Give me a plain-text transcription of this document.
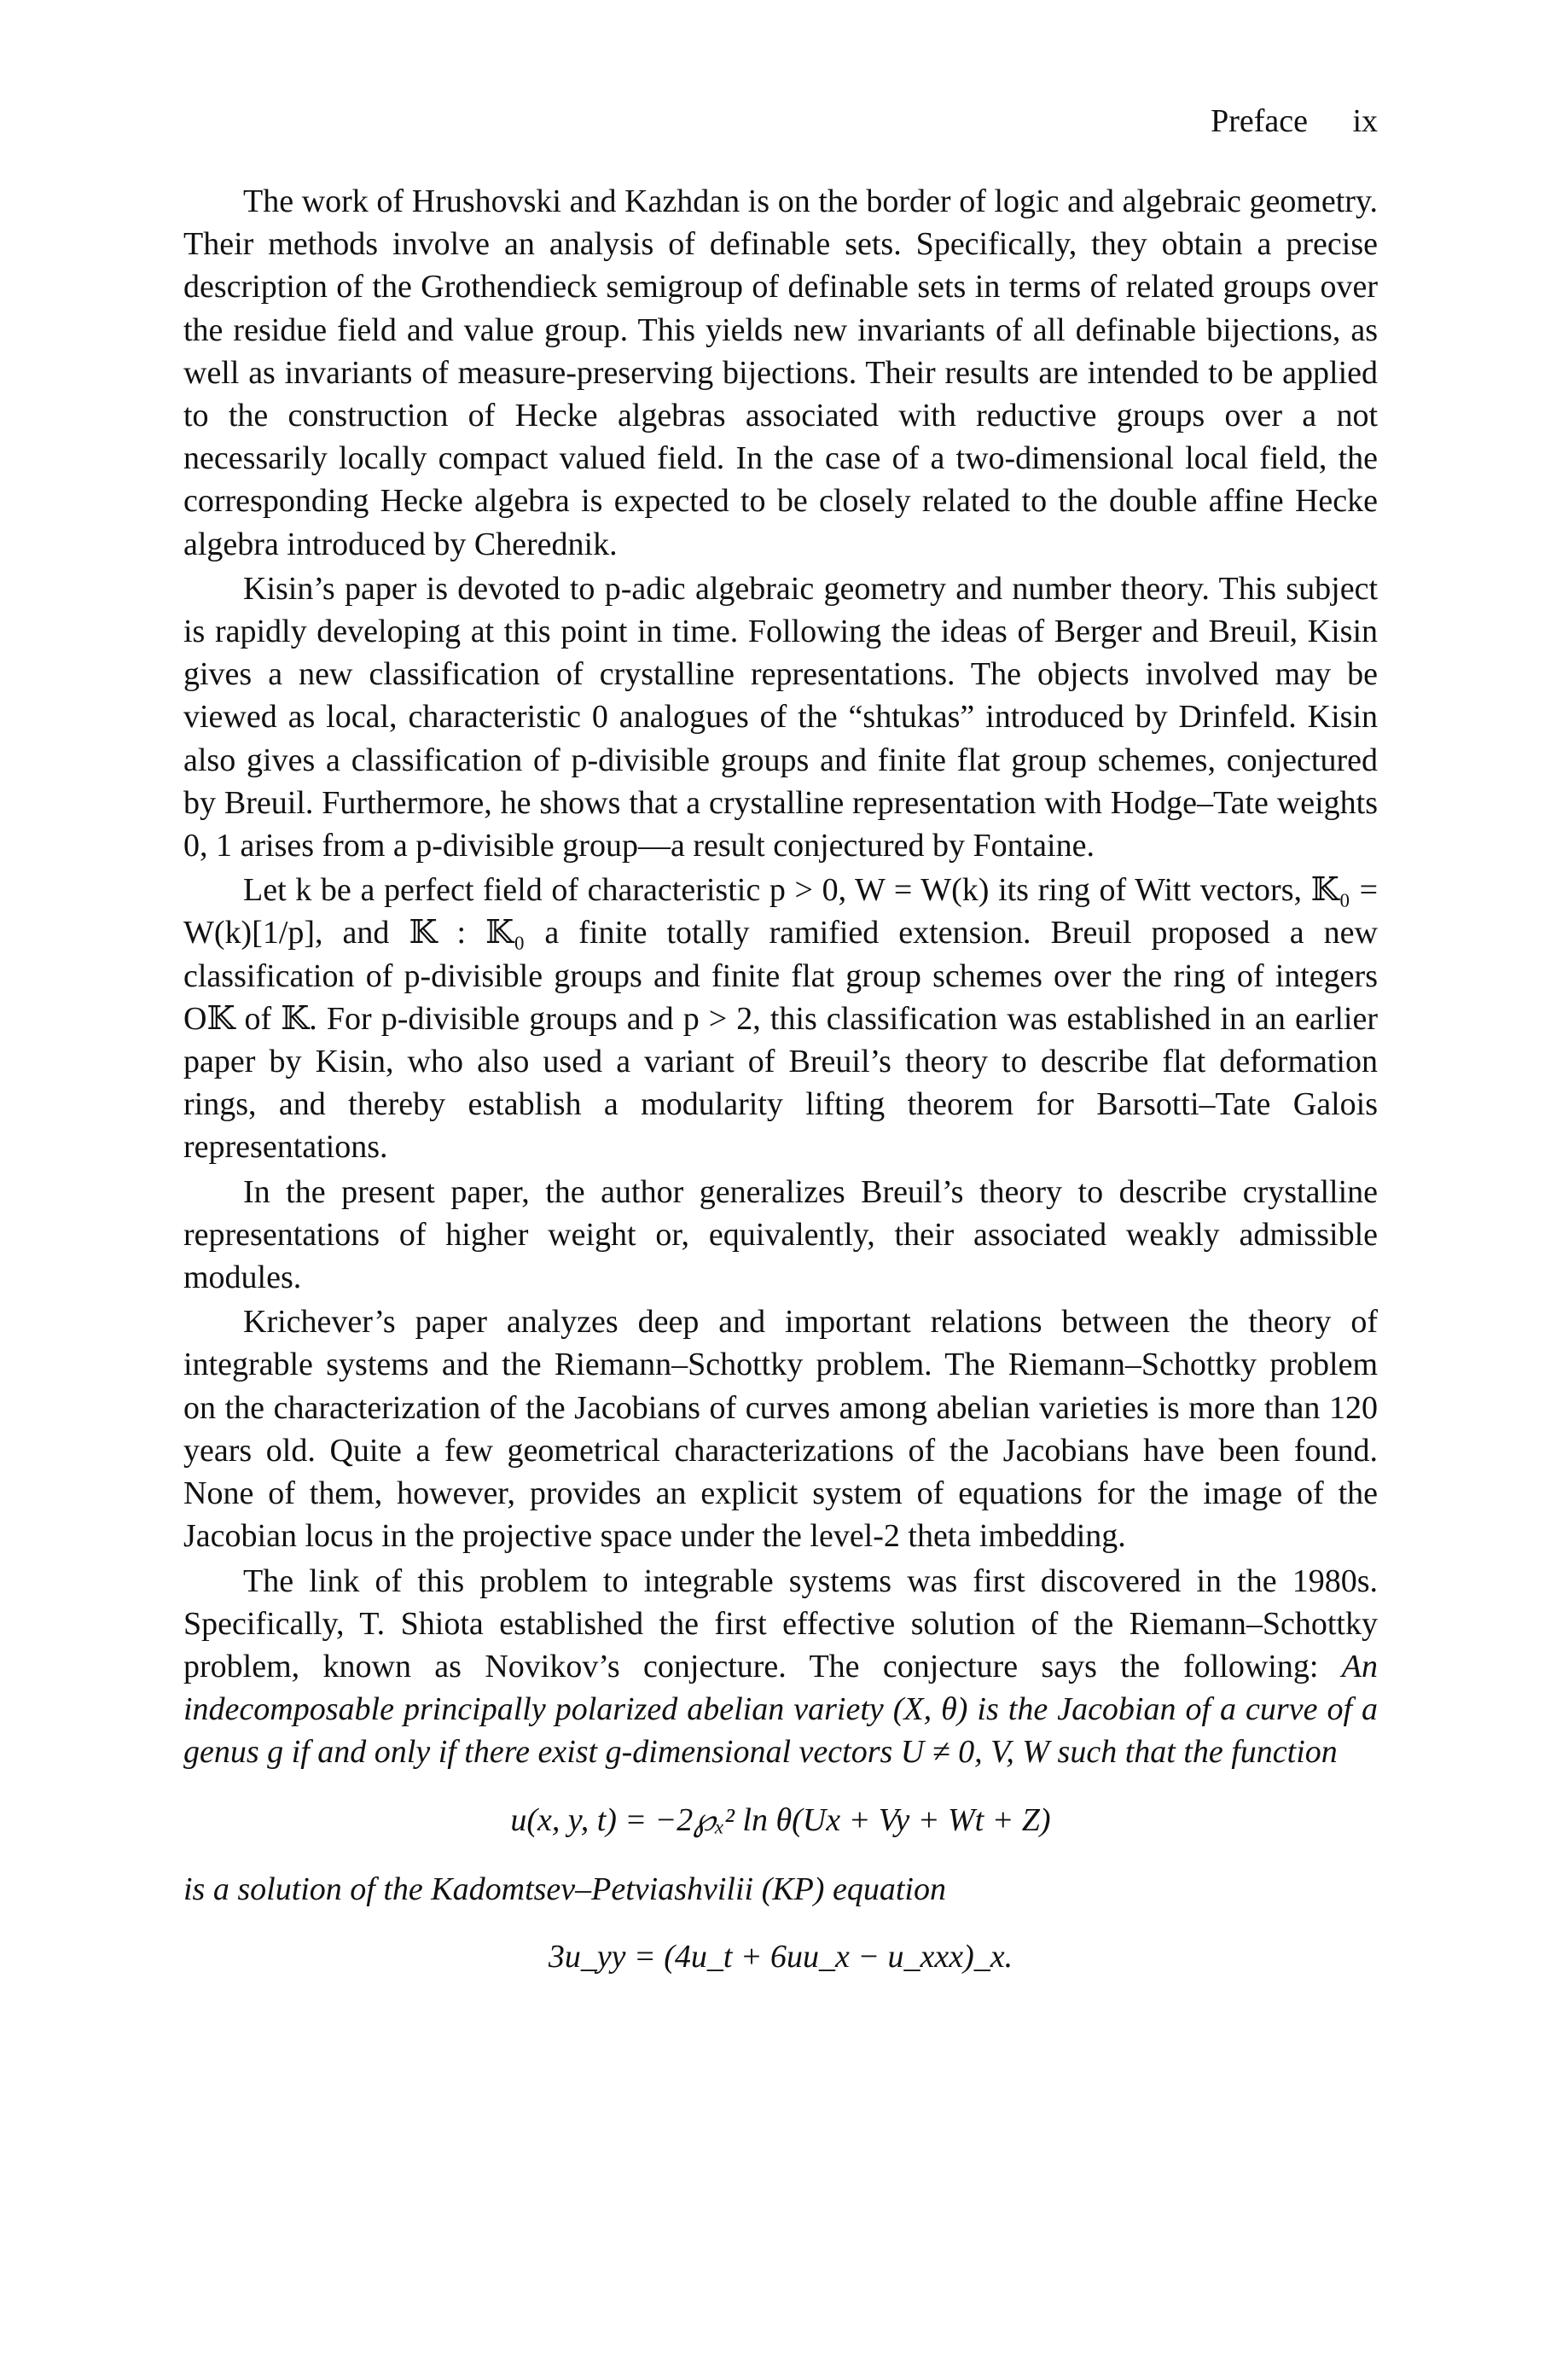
Preface ix

The work of Hrushovski and Kazhdan is on the border of logic and algebraic geometry. Their methods involve an analysis of definable sets. Specifically, they obtain a precise description of the Grothendieck semigroup of definable sets in terms of related groups over the residue field and value group. This yields new invariants of all definable bijections, as well as invariants of measure-preserving bijections. Their results are intended to be applied to the construction of Hecke algebras associated with reductive groups over a not necessarily locally compact valued field. In the case of a two-dimensional local field, the corresponding Hecke algebra is expected to be closely related to the double affine Hecke algebra introduced by Cherednik.

Kisin’s paper is devoted to p-adic algebraic geometry and number theory. This subject is rapidly developing at this point in time. Following the ideas of Berger and Breuil, Kisin gives a new classification of crystalline representations. The objects involved may be viewed as local, characteristic 0 analogues of the “shtukas” introduced by Drinfeld. Kisin also gives a classification of p-divisible groups and finite flat group schemes, conjectured by Breuil. Furthermore, he shows that a crystalline representation with Hodge–Tate weights 0, 1 arises from a p-divisible group—a result conjectured by Fontaine.

Let k be a perfect field of characteristic p > 0, W = W(k) its ring of Witt vectors, 𝕂₀ = W(k)[1/p], and 𝕂 : 𝕂₀ a finite totally ramified extension. Breuil proposed a new classification of p-divisible groups and finite flat group schemes over the ring of integers O𝕂 of 𝕂. For p-divisible groups and p > 2, this classification was established in an earlier paper by Kisin, who also used a variant of Breuil’s theory to describe flat deformation rings, and thereby establish a modularity lifting theorem for Barsotti–Tate Galois representations.

In the present paper, the author generalizes Breuil’s theory to describe crystalline representations of higher weight or, equivalently, their associated weakly admissible modules.

Krichever’s paper analyzes deep and important relations between the theory of integrable systems and the Riemann–Schottky problem. The Riemann–Schottky problem on the characterization of the Jacobians of curves among abelian varieties is more than 120 years old. Quite a few geometrical characterizations of the Jacobians have been found. None of them, however, provides an explicit system of equations for the image of the Jacobian locus in the projective space under the level-2 theta imbedding.

The link of this problem to integrable systems was first discovered in the 1980s. Specifically, T. Shiota established the first effective solution of the Riemann–Schottky problem, known as Novikov’s conjecture. The conjecture says the following: An indecomposable principally polarized abelian variety (X, θ) is the Jacobian of a curve of a genus g if and only if there exist g-dimensional vectors U ≠ 0, V, W such that the function

u(x, y, t) = −2℘ₓ² ln θ(Ux + Vy + Wt + Z)

is a solution of the Kadomtsev–Petviashvilii (KP) equation

3u_yy = (4u_t + 6uu_x − u_xxx)_x.
